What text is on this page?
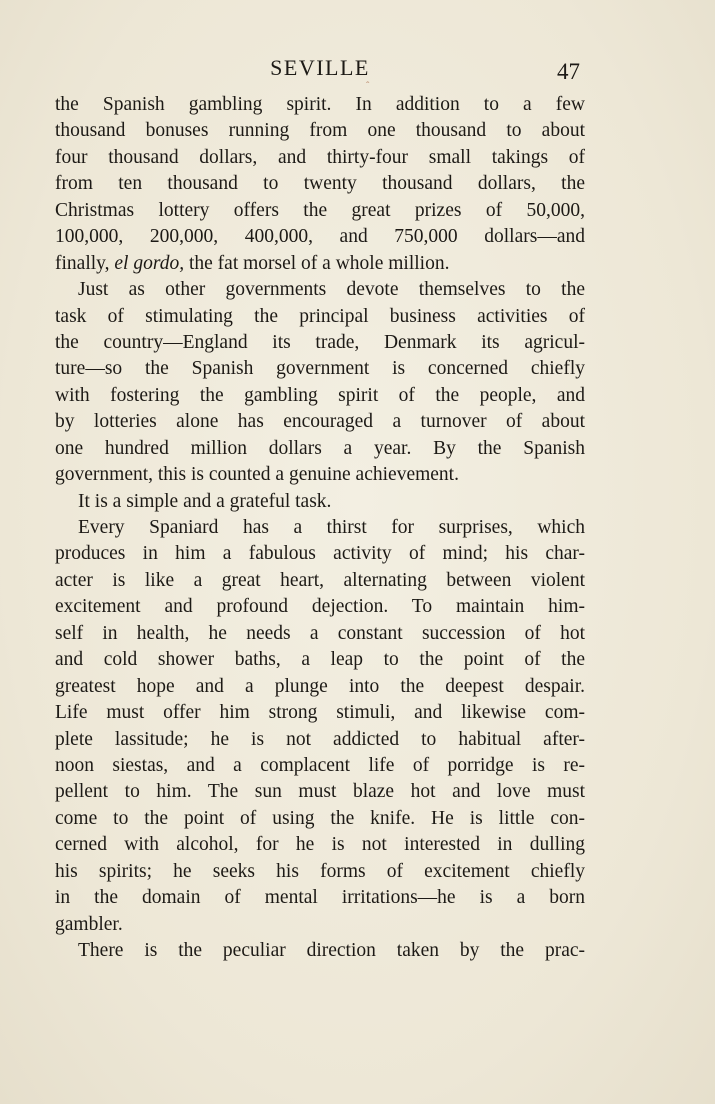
SEVILLE	47
ˆ
the Spanish gambling spirit. In addition to a few
thousand bonuses running from one thousand to about
four thousand dollars, and thirty-four small takings of
from ten thousand to twenty thousand dollars, the
Christmas lottery offers the great prizes of 50,000,
100,000, 200,000, 400,000, and 750,000 dollars—and
finally, el gordo, the fat morsel of a whole million.
Just as other governments devote themselves to the
task of stimulating the principal business activities of
the country—England its trade, Denmark its agricul-
ture—so the Spanish government is concerned chiefly
with fostering the gambling spirit of the people, and
by lotteries alone has encouraged a turnover of about
one hundred million dollars a year. By the Spanish
government, this is counted a genuine achievement.
It is a simple and a grateful task.
Every Spaniard has a thirst for surprises, which
produces in him a fabulous activity of mind; his char-
acter is like a great heart, alternating between violent
excitement and profound dejection. To maintain him-
self in health, he needs a constant succession of hot
and cold shower baths, a leap to the point of the
greatest hope and a plunge into the deepest despair.
Life must offer him strong stimuli, and likewise com-
plete lassitude; he is not addicted to habitual after-
noon siestas, and a complacent life of porridge is re-
pellent to him. The sun must blaze hot and love must
come to the point of using the knife. He is little con-
cerned with alcohol, for he is not interested in dulling
his spirits; he seeks his forms of excitement chiefly
in the domain of mental irritations—he is a born
gambler.
There is the peculiar direction taken by the prac-
